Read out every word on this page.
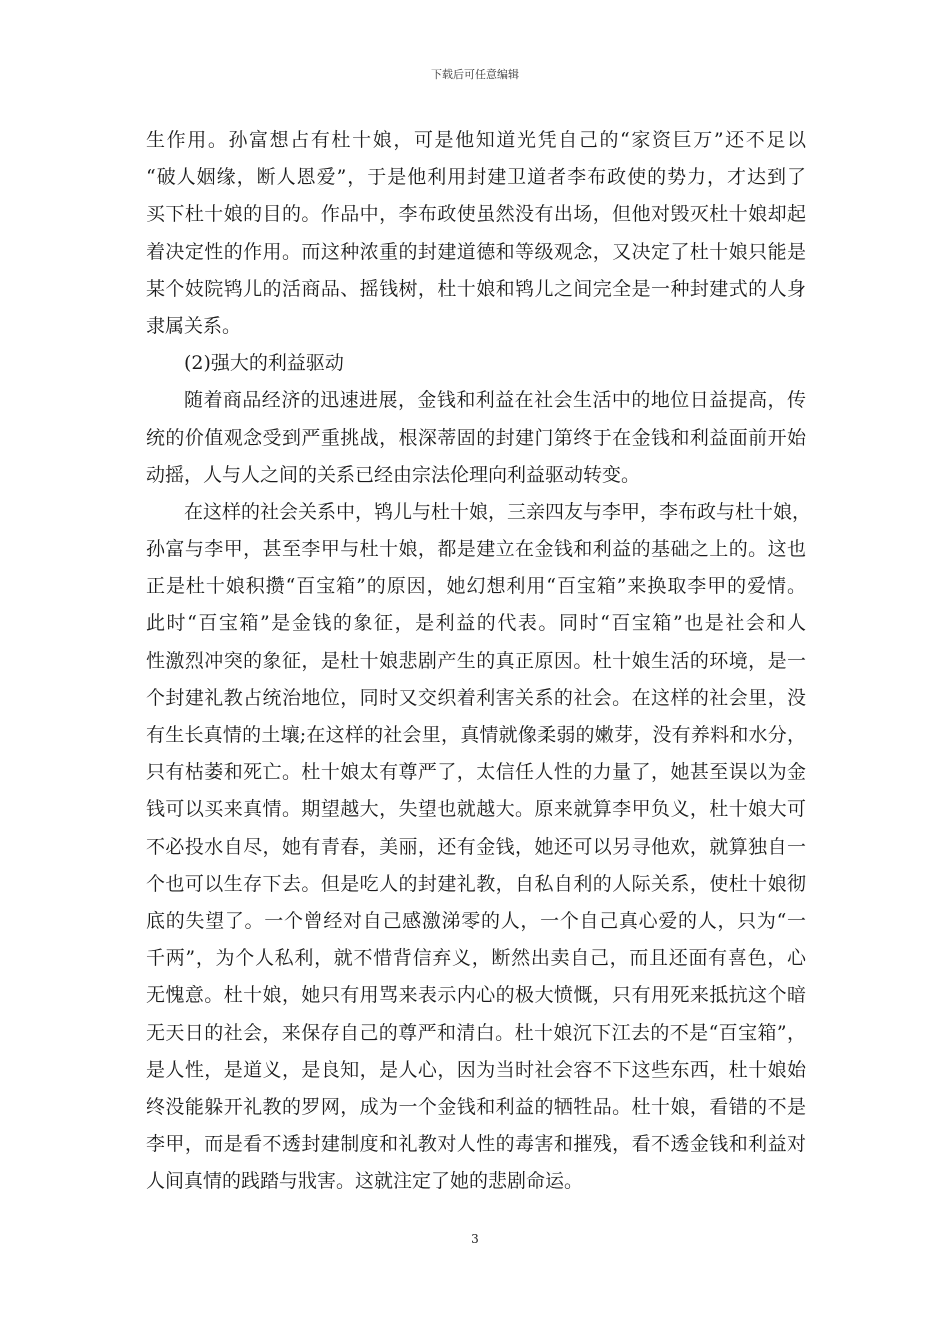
下载后可任意编辑
生作用。孙富想占有杜十娘，可是他知道光凭自己的“家资巨万”还不足以
“破人姻缘，断人恩爱”，于是他利用封建卫道者李布政使的势力，才达到了
买下杜十娘的目的。作品中，李布政使虽然没有出场，但他对毁灭杜十娘却起
着决定性的作用。而这种浓重的封建道德和等级观念，又决定了杜十娘只能是
某个妓院鸨儿的活商品、摇钱树，杜十娘和鸨儿之间完全是一种封建式的人身
隶属关系。
(2)强大的利益驱动
随着商品经济的迅速进展，金钱和利益在社会生活中的地位日益提高，传
统的价值观念受到严重挑战，根深蒂固的封建门第终于在金钱和利益面前开始
动摇，人与人之间的关系已经由宗法伦理向利益驱动转变。
在这样的社会关系中，鸨儿与杜十娘，三亲四友与李甲，李布政与杜十娘，
孙富与李甲，甚至李甲与杜十娘，都是建立在金钱和利益的基础之上的。这也
正是杜十娘积攒“百宝箱”的原因，她幻想利用“百宝箱”来换取李甲的爱情。
此时“百宝箱”是金钱的象征，是利益的代表。同时“百宝箱”也是社会和人
性激烈冲突的象征，是杜十娘悲剧产生的真正原因。杜十娘生活的环境，是一
个封建礼教占统治地位，同时又交织着利害关系的社会。在这样的社会里，没
有生长真情的土壤;在这样的社会里，真情就像柔弱的嫩芽，没有养料和水分，
只有枯萎和死亡。杜十娘太有尊严了，太信任人性的力量了，她甚至误以为金
钱可以买来真情。期望越大，失望也就越大。原来就算李甲负义，杜十娘大可
不必投水自尽，她有青春，美丽，还有金钱，她还可以另寻他欢，就算独自一
个也可以生存下去。但是吃人的封建礼教，自私自利的人际关系，使杜十娘彻
底的失望了。一个曾经对自己感激涕零的人，一个自己真心爱的人，只为“一
千两”，为个人私利，就不惜背信弃义，断然出卖自己，而且还面有喜色，心
无愧意。杜十娘，她只有用骂来表示内心的极大愤慨，只有用死来抵抗这个暗
无天日的社会，来保存自己的尊严和清白。杜十娘沉下江去的不是“百宝箱”，
是人性，是道义，是良知，是人心，因为当时社会容不下这些东西，杜十娘始
终没能躲开礼教的罗网，成为一个金钱和利益的牺牲品。杜十娘，看错的不是
李甲，而是看不透封建制度和礼教对人性的毒害和摧残，看不透金钱和利益对
人间真情的践踏与戕害。这就注定了她的悲剧命运。
3
